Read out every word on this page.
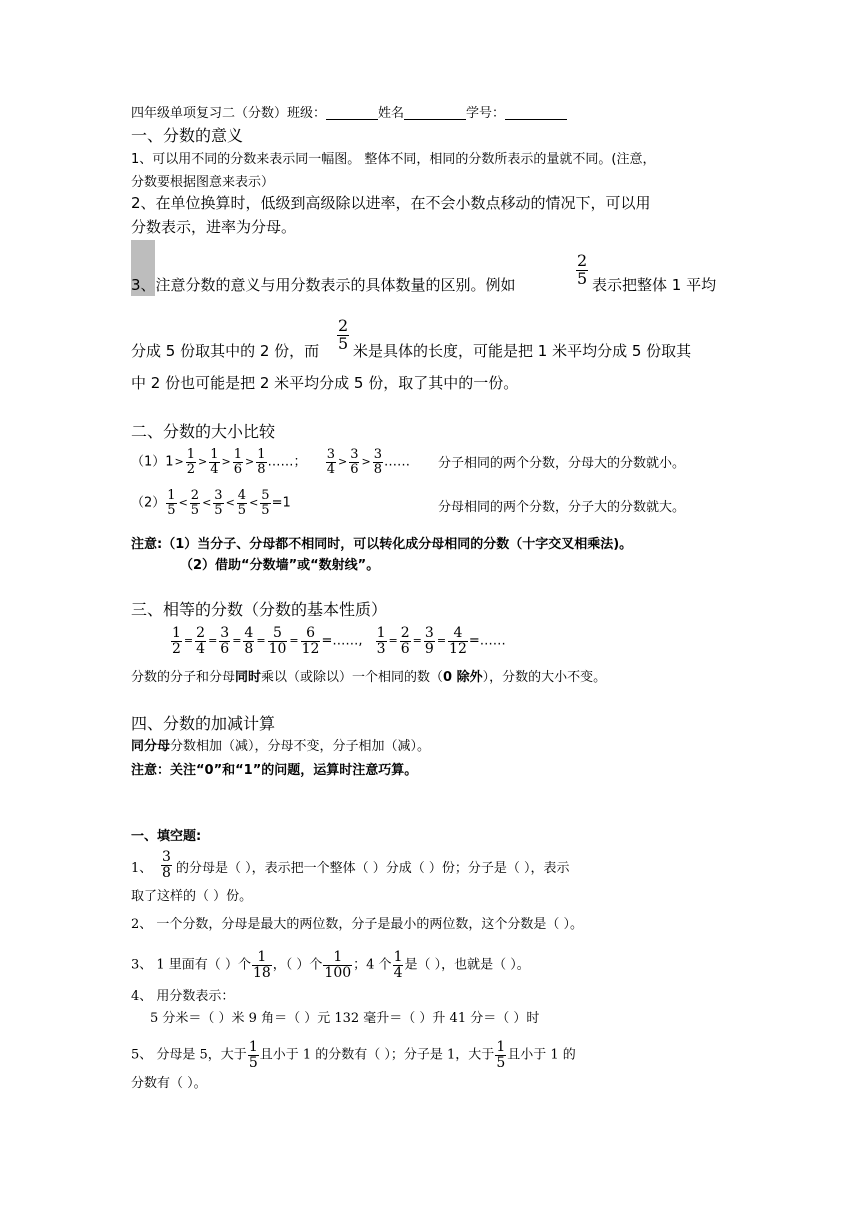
四年级单项复习二（分数）班级：	姓名	学号：
一、分数的意义
1、可以用不同的分数来表示同一幅图。 整体不同，相同的分数所表示的量就不同。(注意，
分数要根据图意来表示）
2、在单位换算时，低级到高级除以进率，在不会小数点移动的情况下，可以用
分数表示，进率为分母。
3、注意分数的意义与用分数表示的具体数量的区别。例如
2
5 表示把整体 1 平均
分成 5 份取其中的 2 份，而
2
5 米是具体的长度，可能是把 1 米平均分成 5 份取其
中 2 份也可能是把 2 米平均分成 5 份，取了其中的一份。
二、分数的大小比较
$(1)1> \frac{1}{2} > \frac{1}{4} > \frac{1}{6} > \frac{1}{8}$ ……； $\frac{3}{4} > \frac{3}{6} > \frac{3}{8}$ …… 分子相同的两个分数，分母大的分数就小。
$(2) \frac{1}{5} < \frac{2}{5} < \frac{3}{5} < \frac{4}{5} < \frac{5}{5} =1$	分母相同的两个分数，分子大的分数就大。
注意:（1）当分子、分母都不相同时，可以转化成分母相同的分数（十字交叉相乘法)。
（2）借助“分数墙”或“数射线”。
三、相等的分数（分数的基本性质）
$\frac{1}{2} = \frac{2}{4} = \frac{3}{6} = \frac{4}{8} = \frac{5}{10} = \frac{6}{12}$ =……, $\frac{1}{3} = \frac{2}{6} = \frac{3}{9} = \frac{4}{12}$ =……
分数的分子和分母同时乘以（或除以）一个相同的数（0 除外），分数的大小不变。
四、分数的加减计算
同分母分数相加（减），分母不变，分子相加（减）。
注意：关注“0”和“1”的问题，运算时注意巧算。
一、填空题:
1、
3
8 的分母是（ ），表示把一个整体（ ）分成（ ）份；分子是（ ），表示
取了这样的（ ）份。
2、 一个分数，分母是最大的两位数，分子是最小的两位数，这个分数是（ ）。
3、 1 里面有（ ）个 $\frac{1}{18}$ ，（ ）个 $\frac{1}{100}$ ；4 个 $\frac{1}{4}$ 是（ ），也就是（ ）。
4、 用分数表示：
5 分米＝（ ）米 9 角＝（ ）元 132 毫升＝（ ）升 41 分＝（ ）时
5、 分母是 5，大于 $\frac{1}{5}$ 且小于 1 的分数有（ ）；分子是 1，大于 $\frac{1}{5}$ 且小于 1 的
分数有（ ）。
